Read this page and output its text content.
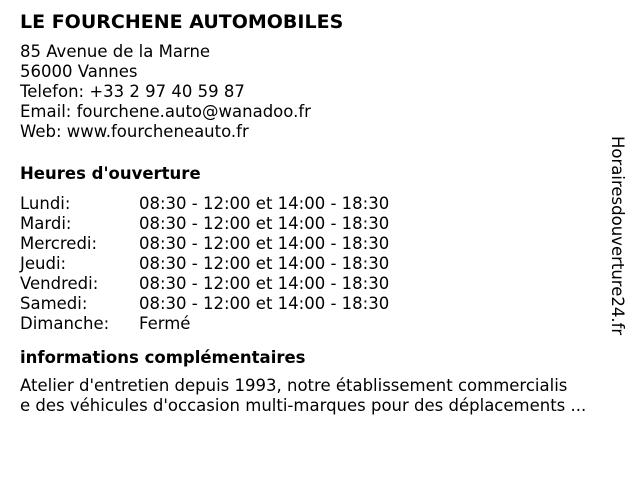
LE FOURCHENE AUTOMOBILES
85 Avenue de la Marne
56000 Vannes
Telefon: +33 2 97 40 59 87
Email: fourchene.auto@wanadoo.fr
Web: www.fourcheneauto.fr
Heures d'ouverture
Lundi:	08:30 - 12:00 et 14:00 - 18:30
Mardi:	08:30 - 12:00 et 14:00 - 18:30
Mercredi:	08:30 - 12:00 et 14:00 - 18:30
Jeudi:	08:30 - 12:00 et 14:00 - 18:30
Vendredi:	08:30 - 12:00 et 14:00 - 18:30
Samedi:	08:30 - 12:00 et 14:00 - 18:30
Dimanche:	Fermé
informations complémentaires
Atelier d'entretien depuis 1993, notre établissement commercialis
e des véhicules d'occasion multi-marques pour des déplacements ...
Horairesdouverture24.fr
